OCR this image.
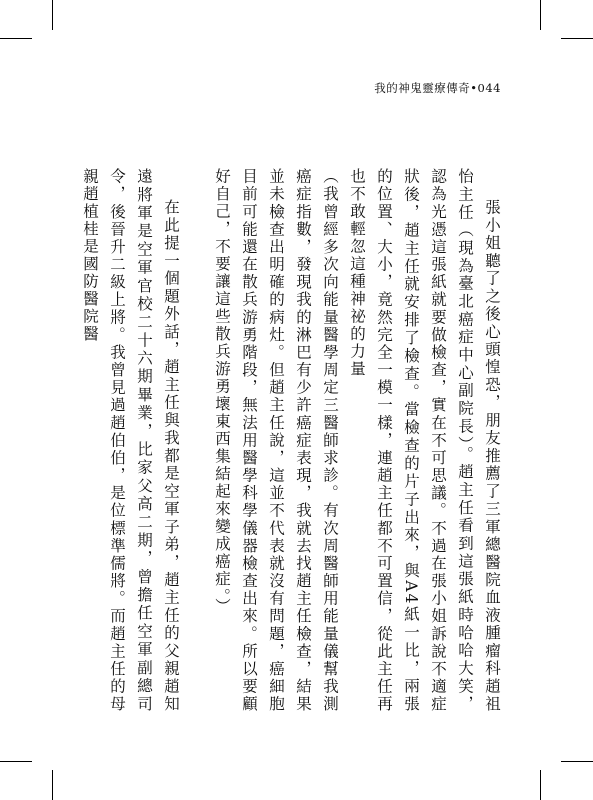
我的神鬼靈療傳奇•044

張小姐聽了之後心頭惶恐，朋友推薦了三軍總醫院血液腫瘤科趙祖怡主任（現為臺北癌症中心副院長）。趙主任看到這張紙時哈哈大笑，認為光憑這張紙就要做檢查，實在不可思議。不過在張小姐訴說不適症狀後，趙主任就安排了檢查。當檢查的片子出來，與A4紙一比，兩張的位置、大小，竟然完全一模一樣，連趙主任都不可置信，從此主任再也不敢輕忽這種神祕的力量

（我曾經多次向能量醫學周定三醫師求診。有次周醫師用能量儀幫我測癌症指數，發現我的淋巴有少許癌症表現，我就去找趙主任檢查，結果並未檢查出明確的病灶。但趙主任說，這並不代表就沒有問題，癌細胞目前可能還在散兵游勇階段，無法用醫學科學儀器檢查出來。所以要顧好自己，不要讓這些散兵游勇壞東西集結起來變成癌症。）

在此提一個題外話，趙主任與我都是空軍子弟，趙主任的父親趙知遠將軍是空軍官校二十六期畢業，比家父高二期，曾擔任空軍副總司令，後晉升二級上將。我曾見過趙伯伯，是位標準儒將。而趙主任的母親趙植桂是國防醫院醫
